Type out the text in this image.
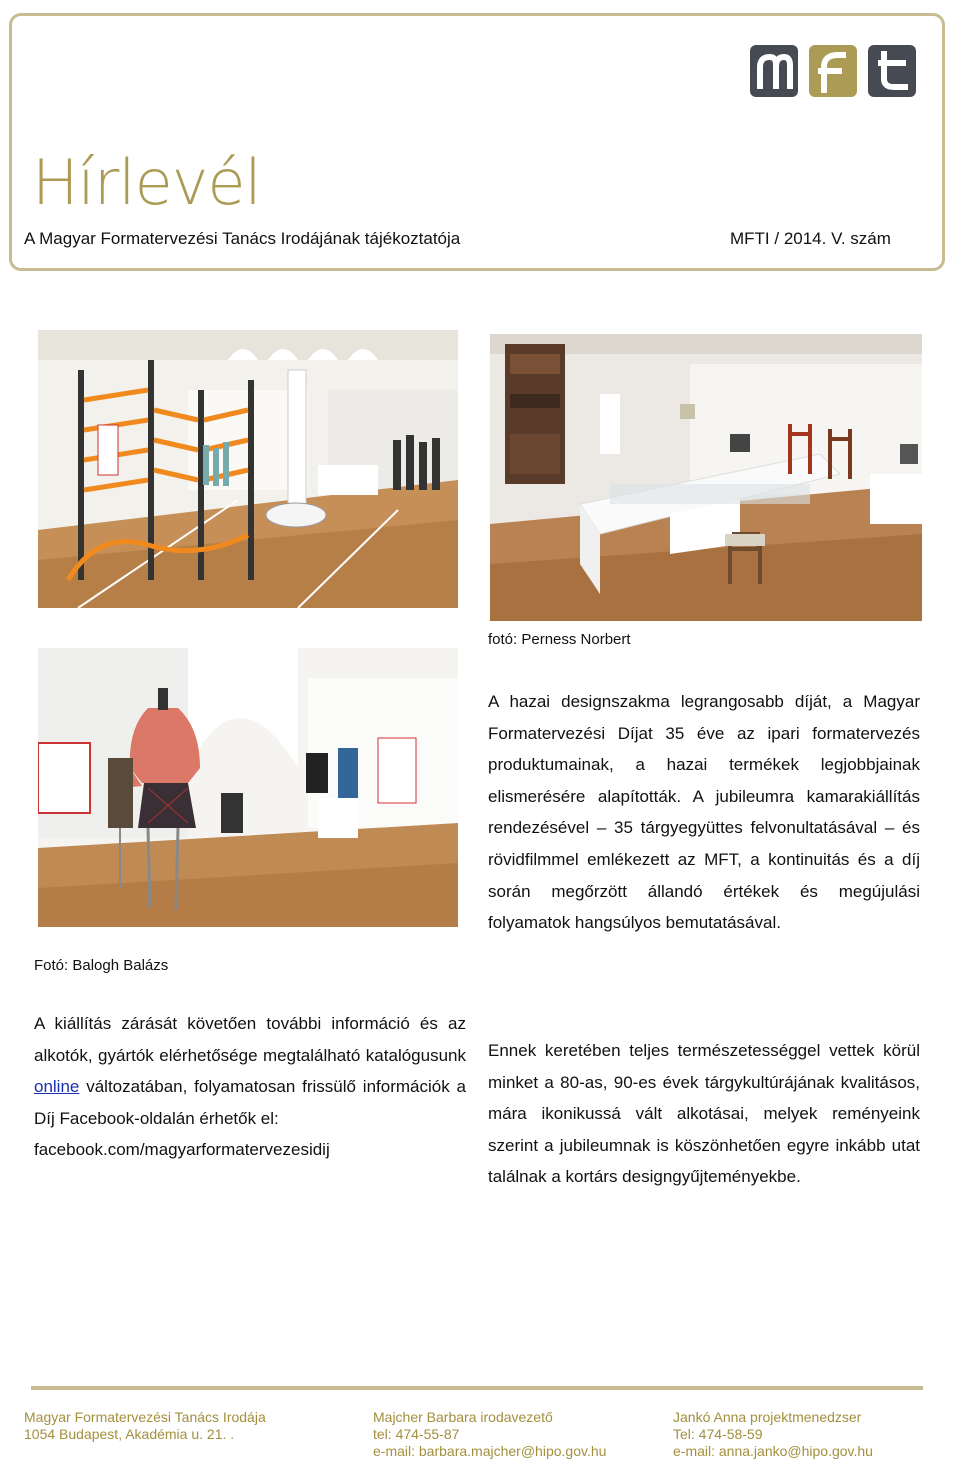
Hírlevél
A Magyar Formatervezési Tanács Irodájának tájékoztatója	MFTI / 2014. V. szám
fotó: Perness Norbert
Fotó: Balogh Balázs
A hazai designszakma legrangosabb díját, a Magyar Formatervezési Díjat 35 éve az ipari formatervezés produktumainak, a hazai termékek legjobbjainak elismerésére alapították. A jubileumra kamarakiállítás rendezésével – 35 tárgyegyüttes felvonultatásával – és rövidfilmmel emlékezett az MFT, a kontinuitás és a díj során megőrzött állandó értékek és megújulási folyamatok hangsúlyos bemutatásával.
A kiállítás zárását követően további információ és az alkotók, gyártók elérhetősége megtalálható katalógusunk online változatában, folyamatosan frissülő információk a Díj Facebook-oldalán érhetők el:
facebook.com/magyarformatervezesidij
Ennek keretében teljes természetességgel vettek körül minket a 80-as, 90-es évek tárgykultúrájának kvalitásos, mára ikonikussá vált alkotásai, melyek reményeink szerint a jubileumnak is köszönhetően egyre inkább utat találnak a kortárs designgyűjteményekbe.
Magyar Formatervezési Tanács Irodája
1054 Budapest, Akadémia u. 21. .
Majcher Barbara irodavezető
tel: 474-55-87
e-mail: barbara.majcher@hipo.gov.hu
Jankó Anna projektmenedzser
Tel: 474-58-59
e-mail: anna.janko@hipo.gov.hu
